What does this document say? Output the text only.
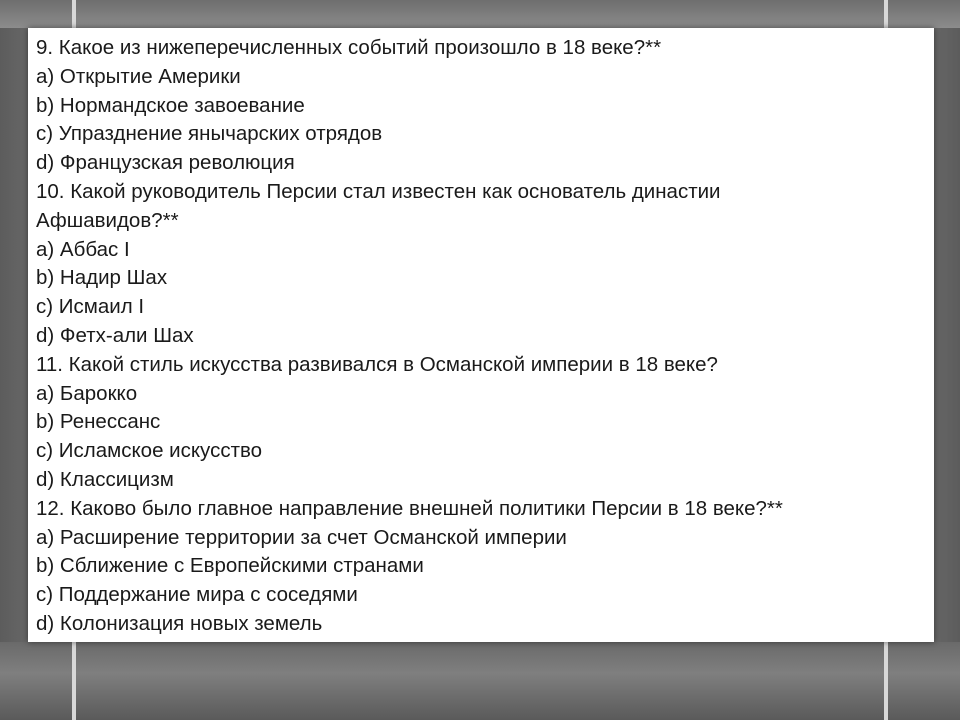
9. Какое из нижеперечисленных событий произошло в 18 веке?**
a) Открытие Америки
b) Нормандское завоевание
c) Упразднение янычарских отрядов
d) Французская революция
10. Какой руководитель Персии стал известен как основатель династии
Афшавидов?**
a) Аббас I
b) Надир Шах
c) Исмаил I
d) Фетх-али Шах
11. Какой стиль искусства развивался в Османской империи в 18 веке?
a) Барокко
b) Ренессанс
c) Исламское искусство
d) Классицизм
12. Каково было главное направление внешней политики Персии в 18 веке?**
a) Расширение территории за счет Османской империи
b) Сближение с Европейскими странами
c) Поддержание мира с соседями
d) Колонизация новых земель
